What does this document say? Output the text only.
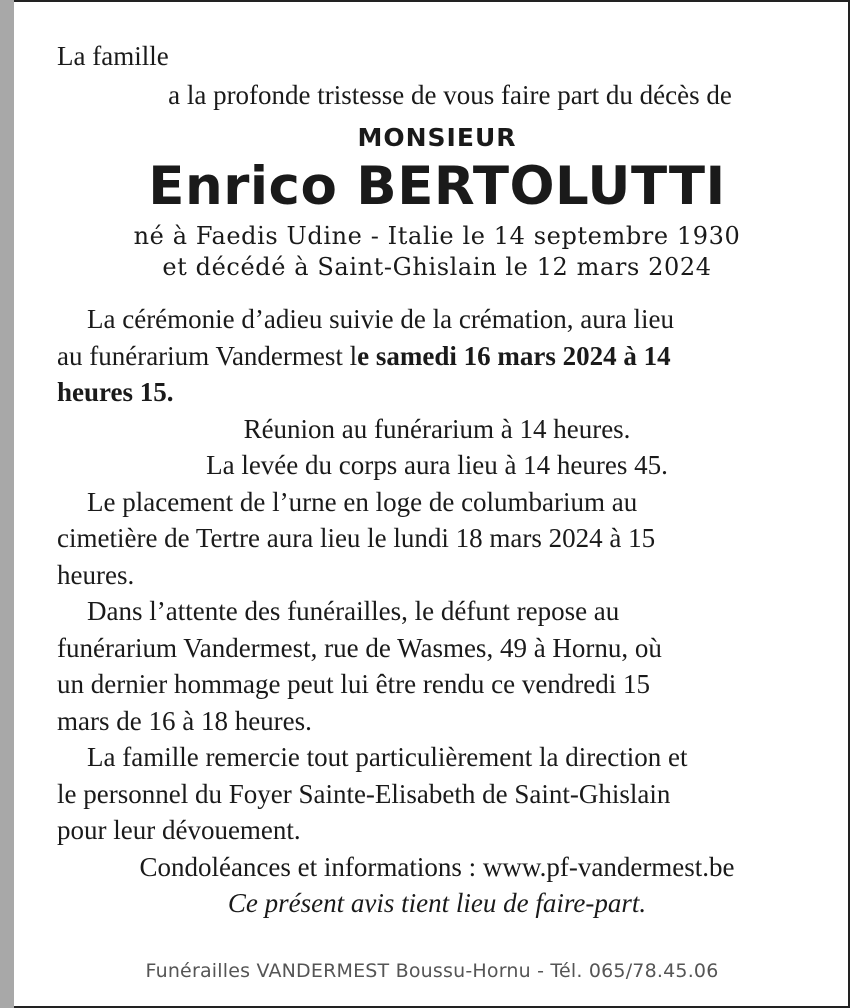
La famille
a la profonde tristesse de vous faire part du décès de
MONSIEUR
Enrico BERTOLUTTI
né à Faedis Udine - Italie le 14 septembre 1930
et décédé à Saint-Ghislain le 12 mars 2024
La cérémonie d’adieu suivie de la crémation, aura lieu
au funérarium Vandermest le samedi 16 mars 2024 à 14
heures 15.
Réunion au funérarium à 14 heures.
La levée du corps aura lieu à 14 heures 45.
Le placement de l’urne en loge de columbarium au
cimetière de Tertre aura lieu le lundi 18 mars 2024 à 15
heures.
Dans l’attente des funérailles, le défunt repose au
funérarium Vandermest, rue de Wasmes, 49 à Hornu, où
un dernier hommage peut lui être rendu ce vendredi 15
mars de 16 à 18 heures.
La famille remercie tout particulièrement la direction et
le personnel du Foyer Sainte-Elisabeth de Saint-Ghislain
pour leur dévouement.
Condoléances et informations : www.pf-vandermest.be
Ce présent avis tient lieu de faire-part.
Funérailles VANDERMEST Boussu-Hornu - Tél. 065/78.45.06
